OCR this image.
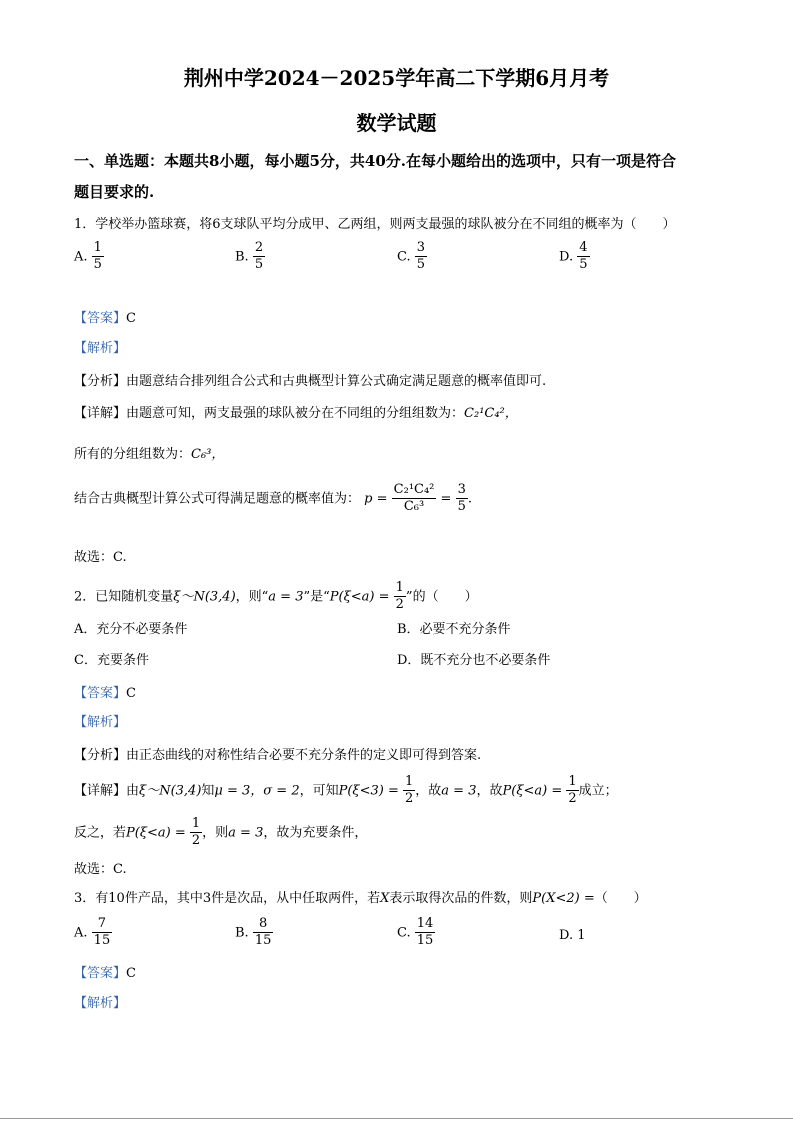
荆州中学2024－2025学年高二下学期6月月考
数学试题
一、单选题：本题共8小题，每小题5分，共40分.在每小题给出的选项中，只有一项是符合
题目要求的.
1．学校举办篮球赛，将6支球队平均分成甲、乙两组，则两支最强的球队被分在不同组的概率为（　　）
A. $\frac{1}{5}$	B. $\frac{2}{5}$	C. $\frac{3}{5}$	D. $\frac{4}{5}$
【答案】C
【解析】
【分析】由题意结合排列组合公式和古典概型计算公式确定满足题意的概率值即可.
【详解】由题意可知，两支最强的球队被分在不同组的分组组数为：C₂¹C₄²，
所有的分组组数为：C₆³，
结合古典概型计算公式可得满足题意的概率值为： $p = \frac{\text{C₂¹C₄²}}{\text{C₆³}} = \frac{3}{5}$ .
故选：C.
2．已知随机变量ξ～N(3,4)，则“a = 3”是“$P(\xi<a) = \frac{1}{2}$ ”的（　　）
A．充分不必要条件	B．必要不充分条件
C．充要条件	D．既不充分也不必要条件
【答案】C
【解析】
【分析】由正态曲线的对称性结合必要不充分条件的定义即可得到答案.
【详解】由ξ～N(3,4)知μ = 3，σ = 2，可知$P(\xi<3) = \frac{1}{2}$ ，故a = 3，故$P(\xi<a) = \frac{1}{2}$ 成立；
反之，若$P(\xi<a) = \frac{1}{2}$ ，则a = 3，故为充要条件，
故选：C.
3．有10件产品，其中3件是次品，从中任取两件，若X表示取得次品的件数，则P(X<2) =（　　）
A. $\frac{7}{15}$	B. $\frac{8}{15}$	C. $\frac{14}{15}$	D. 1
【答案】C
【解析】
